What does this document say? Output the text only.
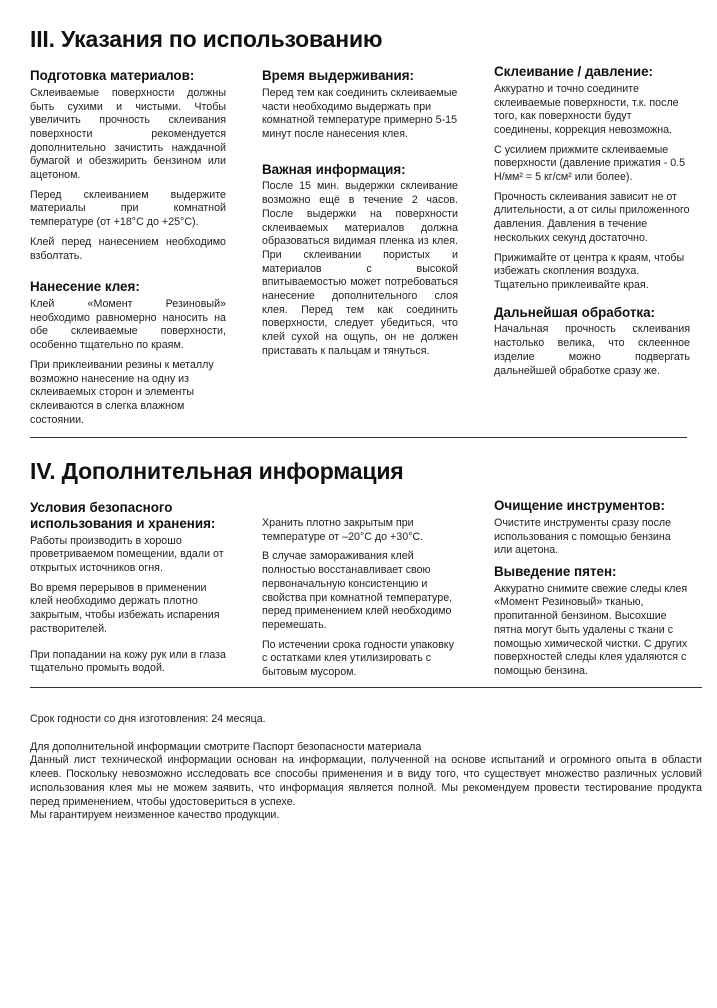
III. Указания по использованию
Подготовка материалов:

Склеиваемые поверхности должны быть сухими и чистыми. Чтобы увеличить прочность склеивания поверхности рекомендуется дополнительно зачистить наждачной бумагой и обезжирить бензином или ацетоном.

Перед склеиванием выдержите материалы при комнатной температуре (от +18°С до +25°С).

Клей перед нанесением необходимо взболтать.

Нанесение клея:

Клей «Момент Резиновый» необходимо равномерно наносить на обе склеиваемые поверхности, особенно тщательно по краям.

При приклеивании резины к металлу возможно нанесение на одну из склеиваемых сторон и элементы склеиваются в слегка влажном состоянии.

Время выдерживания:

Перед тем как соединить склеиваемые части необходимо выдержать при комнатной температуре примерно 5-15 минут после нанесения клея.

Важная информация:

После 15 мин. выдержки склеивание возможно ещё в течение 2 часов. После выдержки на поверхности склеиваемых материалов должна образоваться видимая пленка из клея. При склеивании пористых и материалов с высокой впитываемостью может потребоваться нанесение дополнительного слоя клея. Перед тем как соединить поверхности, следует убедиться, что клей сухой на ощупь, он не должен приставать к пальцам и тянуться.

Склеивание / давление:

Аккуратно и точно соедините склеиваемые поверхности, т.к. после того, как поверхности будут соединены, коррекция невозможна.

С усилием прижмите склеиваемые поверхности (давление прижатия - 0.5 Н/мм² = 5 кг/см² или более).

Прочность склеивания зависит не от длительности, а от силы приложенного давления. Давления в течение нескольких секунд достаточно.

Прижимайте от центра к краям, чтобы избежать скопления воздуха. Тщательно приклеивайте края.

Дальнейшая обработка:

Начальная прочность склеивания настолько велика, что склеенное изделие можно подвергать дальнейшей обработке сразу же.

IV. Дополнительная информация
Условия безопасного использования и хранения:

Работы производить в хорошо проветриваемом помещении, вдали от открытых источников огня.

Во время перерывов в применении клей необходимо держать плотно закрытым, чтобы избежать испарения растворителей.

При попадании на кожу рук или в глаза тщательно промыть водой.

Хранить плотно закрытым при температуре от –20°С до +30°С.

В случае замораживания клей полностью восстанавливает свою первоначальную консистенцию и свойства при комнатной температуре, перед применением клей необходимо перемешать.

По истечении срока годности упаковку с остатками клея утилизировать с бытовым мусором.

Очищение инструментов:

Очистите инструменты сразу после использования с помощью бензина или ацетона.

Выведение пятен:

Аккуратно снимите свежие следы клея «Момент Резиновый» тканью, пропитанной бензином. Высохшие пятна могут быть удалены с ткани с помощью химической чистки. С других поверхностей следы клея удаляются с помощью бензина.

Срок годности со дня изготовления: 24 месяца.

Для дополнительной информации смотрите Паспорт безопасности материала

Данный лист технической информации основан на информации, полученной на основе испытаний и огромного опыта в области клеев. Поскольку невозможно исследовать все способы применения и в виду того, что существует множество различных условий использования клея мы не можем заявить, что информация является полной. Мы рекомендуем провести тестирование продукта перед применением, чтобы удостовериться в успехе.

Мы гарантируем неизменное качество продукции.
